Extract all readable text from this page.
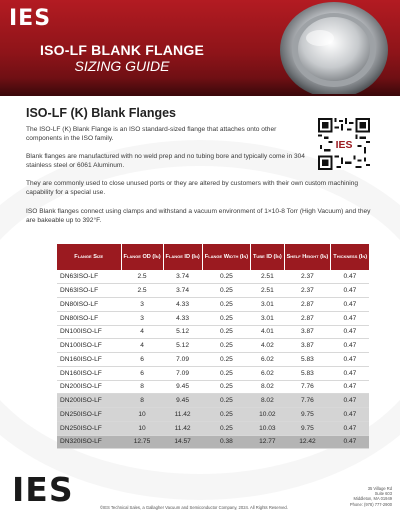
IES
ISO-LF BLANK FLANGE
SIZING GUIDE
ISO-LF (K) Blank Flanges

The ISO-LF (K) Blank Flange is an ISO standard-sized flange that attaches onto other components in the ISO family.

Blank flanges are manufactured with no weld prep and no tubing bore and typically come in 304 stainless steel or 6061 Aluminum.

They are commonly used to close unused ports or they are altered by customers with their own custom machining capability for a special use.

ISO Blank flanges connect using clamps and withstand a vacuum environment of 1×10-8 Torr (High Vacuum) and they are bakeable up to 392°F.

IES
Flange Size	Flange OD (In)	Flange ID (In)	Flange Width (In)	Tube ID (In)	Shelf Height (In)	Thickness (In)
DN63ISO-LF	2.5	3.74	0.25	2.51	2.37	0.47
DN63ISO-LF	2.5	3.74	0.25	2.51	2.37	0.47
DN80ISO-LF	3	4.33	0.25	3.01	2.87	0.47
DN80ISO-LF	3	4.33	0.25	3.01	2.87	0.47
DN100ISO-LF	4	5.12	0.25	4.01	3.87	0.47
DN100ISO-LF	4	5.12	0.25	4.02	3.87	0.47
DN160ISO-LF	6	7.09	0.25	6.02	5.83	0.47
DN160ISO-LF	6	7.09	0.25	6.02	5.83	0.47
DN200ISO-LF	8	9.45	0.25	8.02	7.76	0.47
DN200ISO-LF	8	9.45	0.25	8.02	7.76	0.47
DN250ISO-LF	10	11.42	0.25	10.02	9.75	0.47
DN250ISO-LF	10	11.42	0.25	10.03	9.75	0.47
DN320ISO-LF	12.75	14.57	0.38	12.77	12.42	0.47
IES	©IES Technical Sales, a Gallagher Vacuum and Semiconductor Company, 2024. All Rights Reserved.
35 Village Rd
Suite 603
Middleton, MA 01949
Phone: (978) 777-2900
